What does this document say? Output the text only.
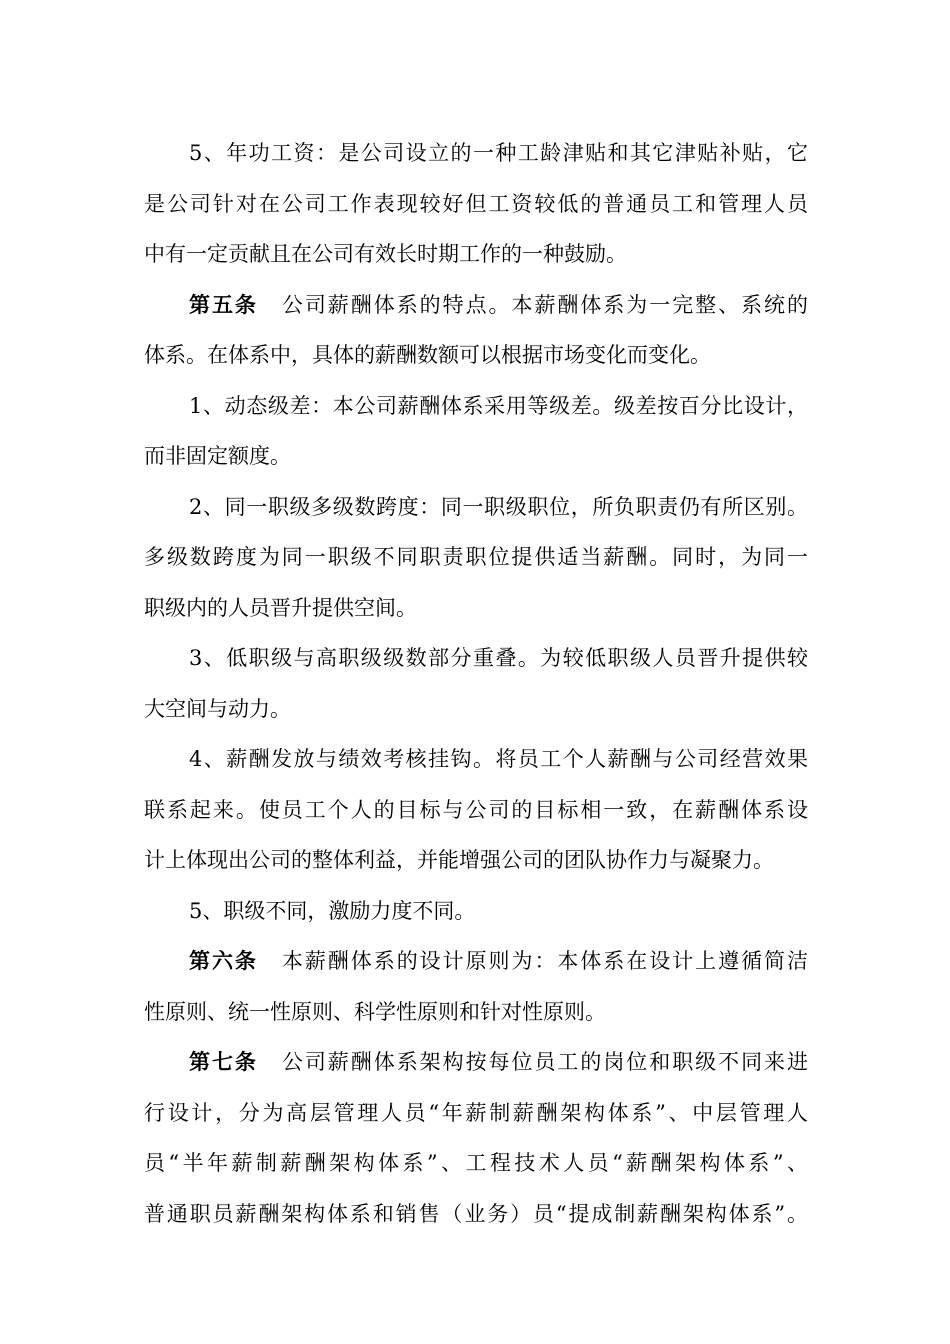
5、年功工资：是公司设立的一种工龄津贴和其它津贴补贴，它
是公司针对在公司工作表现较好但工资较低的普通员工和管理人员
中有一定贡献且在公司有效长时期工作的一种鼓励。
第五条 公司薪酬体系的特点。本薪酬体系为一完整、系统的
体系。在体系中，具体的薪酬数额可以根据市场变化而变化。
1、动态级差：本公司薪酬体系采用等级差。级差按百分比设计，
而非固定额度。
2、同一职级多级数跨度：同一职级职位，所负职责仍有所区别。
多级数跨度为同一职级不同职责职位提供适当薪酬。同时，为同一
职级内的人员晋升提供空间。
3、低职级与高职级级数部分重叠。为较低职级人员晋升提供较
大空间与动力。
4、薪酬发放与绩效考核挂钩。将员工个人薪酬与公司经营效果
联系起来。使员工个人的目标与公司的目标相一致，在薪酬体系设
计上体现出公司的整体利益，并能增强公司的团队协作力与凝聚力。
5、职级不同，激励力度不同。
第六条 本薪酬体系的设计原则为：本体系在设计上遵循简洁
性原则、统一性原则、科学性原则和针对性原则。
第七条 公司薪酬体系架构按每位员工的岗位和职级不同来进
行设计，分为高层管理人员“年薪制薪酬架构体系”、中层管理人
员“半年薪制薪酬架构体系”、工程技术人员“薪酬架构体系”、
普通职员薪酬架构体系和销售（业务）员“提成制薪酬架构体系”。
